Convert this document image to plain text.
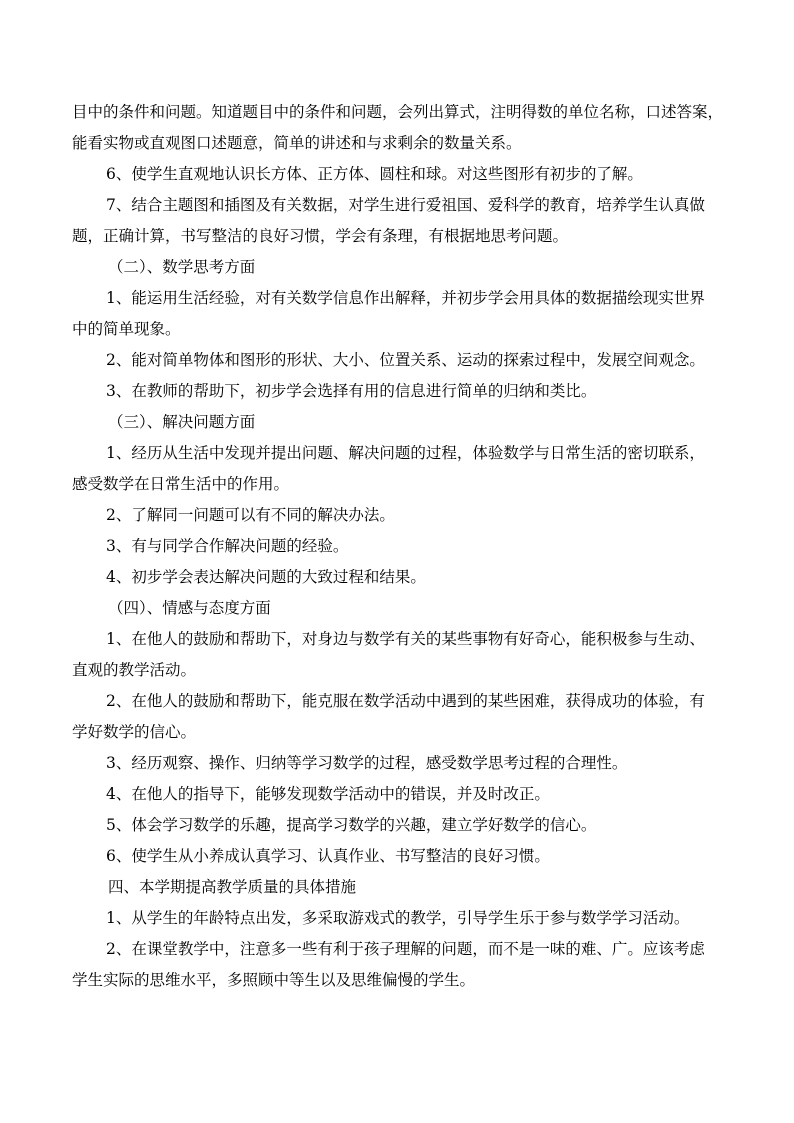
目中的条件和问题。知道题目中的条件和问题，会列出算式，注明得数的单位名称，口述答案，
能看实物或直观图口述题意，简单的讲述和与求剩余的数量关系。
6、使学生直观地认识长方体、正方体、圆柱和球。对这些图形有初步的了解。
7、结合主题图和插图及有关数据，对学生进行爱祖国、爱科学的教育，培养学生认真做
题，正确计算，书写整洁的良好习惯，学会有条理，有根据地思考问题。
（二）、数学思考方面
1、能运用生活经验，对有关数学信息作出解释，并初步学会用具体的数据描绘现实世界
中的简单现象。
2、能对简单物体和图形的形状、大小、位置关系、运动的探索过程中，发展空间观念。
3、在教师的帮助下，初步学会选择有用的信息进行简单的归纳和类比。
（三）、解决问题方面
1、经历从生活中发现并提出问题、解决问题的过程，体验数学与日常生活的密切联系，
感受数学在日常生活中的作用。
2、了解同一问题可以有不同的解决办法。
3、有与同学合作解决问题的经验。
4、初步学会表达解决问题的大致过程和结果。
（四）、情感与态度方面
1、在他人的鼓励和帮助下，对身边与数学有关的某些事物有好奇心，能积极参与生动、
直观的教学活动。
2、在他人的鼓励和帮助下，能克服在数学活动中遇到的某些困难，获得成功的体验，有
学好数学的信心。
3、经历观察、操作、归纳等学习数学的过程，感受数学思考过程的合理性。
4、在他人的指导下，能够发现数学活动中的错误，并及时改正。
5、体会学习数学的乐趣，提高学习数学的兴趣，建立学好数学的信心。
6、使学生从小养成认真学习、认真作业、书写整洁的良好习惯。
四、本学期提高教学质量的具体措施
1、从学生的年龄特点出发，多采取游戏式的教学，引导学生乐于参与数学学习活动。
2、在课堂教学中，注意多一些有利于孩子理解的问题，而不是一味的难、广。应该考虑
学生实际的思维水平，多照顾中等生以及思维偏慢的学生。
